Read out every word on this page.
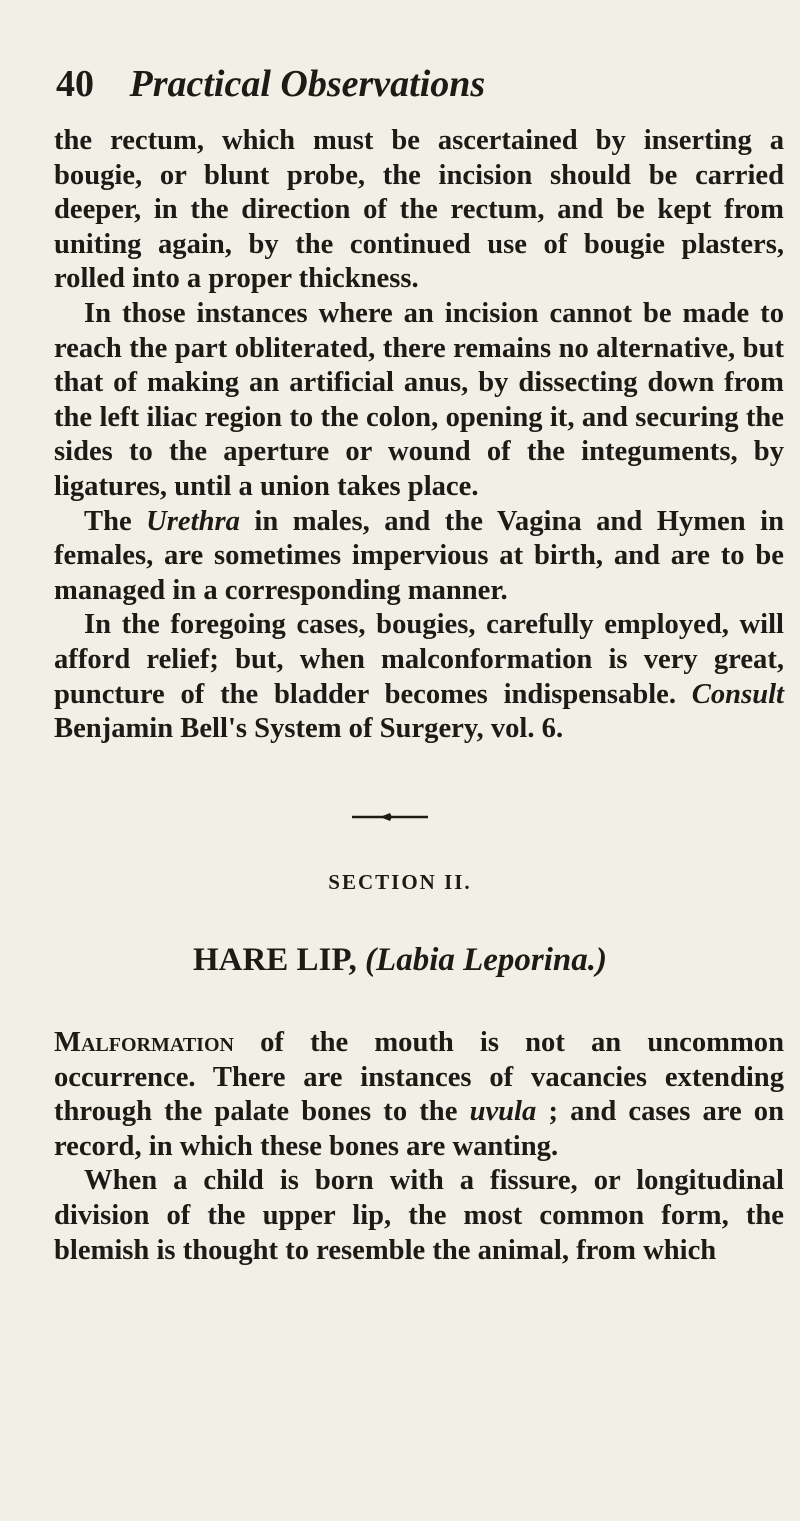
40 Practical Observations

the rectum, which must be ascertained by inserting a bougie, or blunt probe, the incision should be carried deeper, in the direction of the rectum, and be kept from uniting again, by the continued use of bougie plasters, rolled into a proper thickness.

In those instances where an incision cannot be made to reach the part obliterated, there remains no alternative, but that of making an artificial anus, by dissecting down from the left iliac region to the colon, opening it, and securing the sides to the aperture or wound of the integuments, by ligatures, until a union takes place.

The Urethra in males, and the Vagina and Hymen in females, are sometimes impervious at birth, and are to be managed in a corresponding manner.

In the foregoing cases, bougies, carefully employed, will afford relief; but, when malconformation is very great, puncture of the bladder becomes indispensable. Consult Benjamin Bell's System of Surgery, vol. 6.

SECTION II.
HARE LIP, (Labia Leporina.)

Malformation of the mouth is not an uncommon occurrence. There are instances of vacancies extending through the palate bones to the uvula ; and cases are on record, in which these bones are wanting.

When a child is born with a fissure, or longitudinal division of the upper lip, the most common form, the blemish is thought to resemble the animal, from which
